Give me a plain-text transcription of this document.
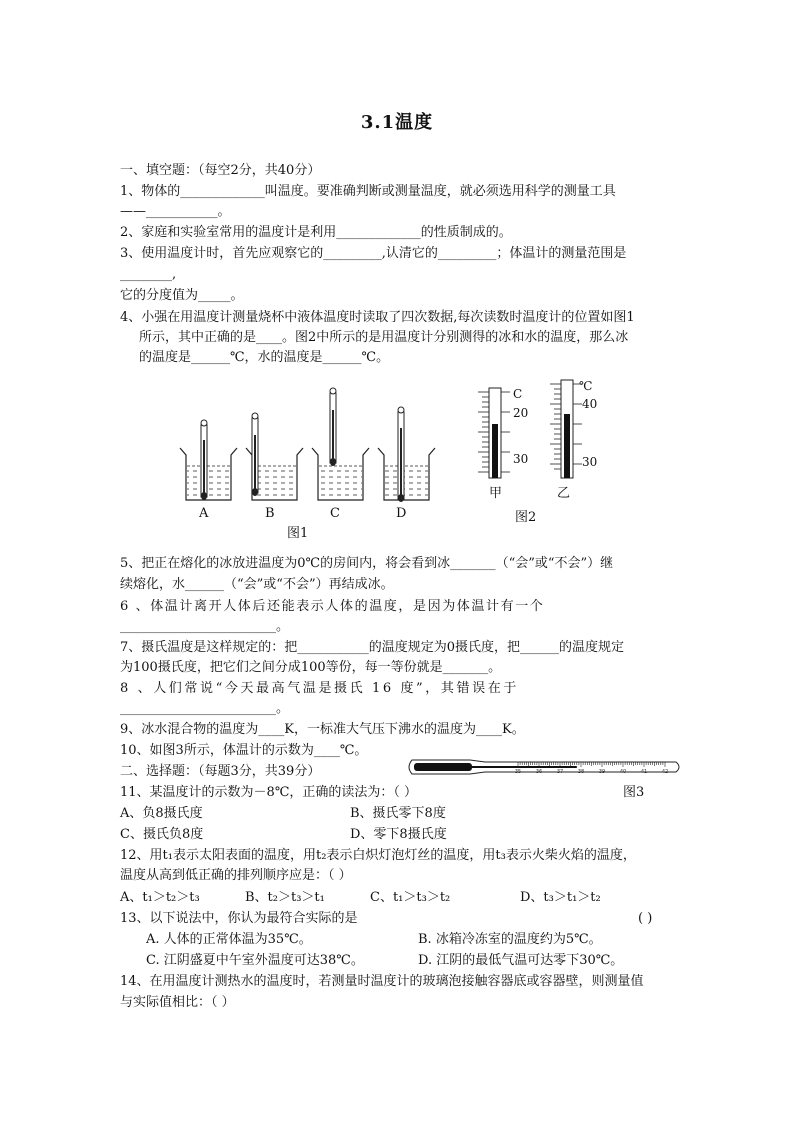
3.1温度
一、填空题：（每空2分，共40分）
1、物体的_____________叫温度。要准确判断或测量温度，就必须选用科学的测量工具
——___________。
2、家庭和实验室常用的温度计是利用_____________的性质制成的。
3、使用温度计时，首先应观察它的_________,认清它的_________；体温计的测量范围是
________,
它的分度值为_____。
4、小强在用温度计测量烧杯中液体温度时读取了四次数据,每次读数时温度计的位置如图1
所示，其中正确的是____。图2中所示的是用温度计分别测得的冰和水的温度，那么冰
的温度是______℃，水的温度是______℃。
35	36	37	38	39	40	41	42
A	B	C	D
图1
C
20
30
甲
℃
40
30
乙
图2
5、把正在熔化的冰放进温度为0℃的房间内，将会看到冰_______（“会”或“不会”）继
续熔化，水______（“会”或“不会”）再结成冰。
6 、体温计离开人体后还能表示人体的温度，是因为体温计有一个
________________________。
7、摄氏温度是这样规定的：把___________的温度规定为0摄氏度，把______的温度规定
为100摄氏度，把它们之间分成100等份，每一等份就是_______。
8 、人们常说“今天最高气温是摄氏 16 度”，其错误在于
________________________。
9、冰水混合物的温度为____K，一标准大气压下沸水的温度为____K。
10、如图3所示，体温计的示数为____℃。
二、选择题：（每题3分，共39分）
11、某温度计的示数为－8℃，正确的读法为：（ ）	图3
A、负8摄氏度	B、摄氏零下8度
C、摄氏负8度	D、零下8摄氏度
12、用t₁表示太阳表面的温度，用t₂表示白炽灯泡灯丝的温度，用t₃表示火柴火焰的温度，
温度从高到低正确的排列顺序应是：（ ）
A、t₁＞t₂＞t₃	B、t₂＞t₃＞t₁	C、t₁＞t₃＞t₂	D、t₃＞t₁＞t₂
13、以下说法中，你认为最符合实际的是	( )
A. 人体的正常体温为35℃。	B. 冰箱冷冻室的温度约为5℃。
C. 江阴盛夏中午室外温度可达38℃。	D. 江阴的最低气温可达零下30℃。
14、在用温度计测热水的温度时，若测量时温度计的玻璃泡接触容器底或容器壁，则测量值
与实际值相比：（ ）
